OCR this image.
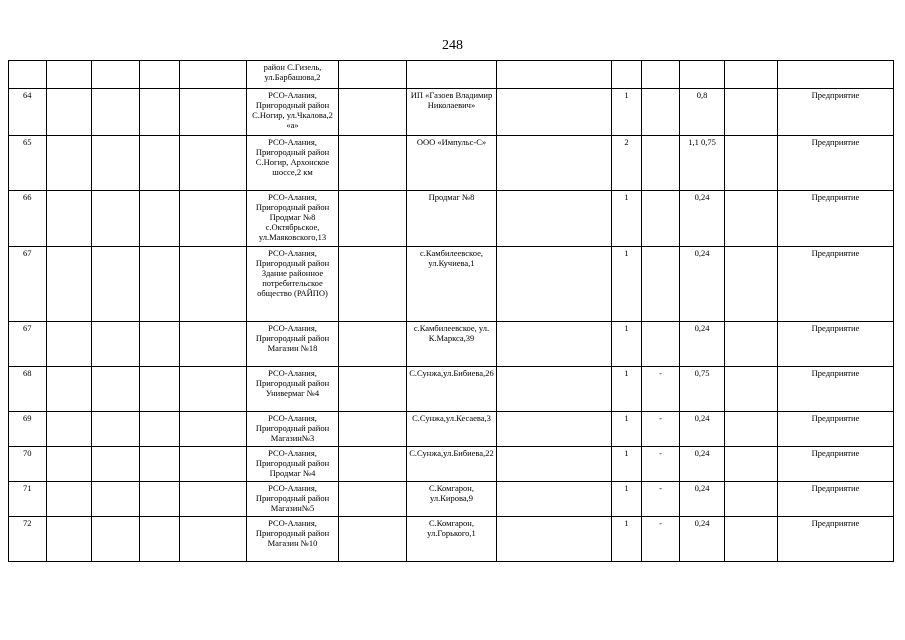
248
					район С.Гизель, ул.Барбашова,2								
64					РСО-Алания, Пригородный район С.Ногир, ул.Чкалова,2 «а»		ИП «Газоев Владимир Николаевич»		1		0,8		Предприятие
65					РСО-Алания, Пригородный район С.Ногир, Архонское шоссе,2 км		ООО «Импульс-С»		2		1,1 0,75		Предприятие
66					РСО-Алания, Пригородный район Продмаг №8 с.Октябрьское, ул.Маяковского,13		Продмаг №8		1		0,24		Предприятие
67					РСО-Алания, Пригородный район Здание районное потребительское общество (РАЙПО)		с.Камбилеевское, ул.Кучиева,1		1		0,24		Предприятие
67					РСО-Алания, Пригородный район Магазин №18		с.Камбилеевское, ул. К.Маркса,39		1		0,24		Предприятие
68					РСО-Алания, Пригородный район Универмаг №4		С.Сунжа,ул.Бибиева,26		1	-	0,75		Предприятие
69					РСО-Алания, Пригородный район Магазин№3		С.Сунжа,ул.Кесаева,3		1	-	0,24		Предприятие
70					РСО-Алания, Пригородный район Продмаг №4		С.Сунжа,ул.Бибиева,22		1	-	0,24		Предприятие
71					РСО-Алания, Пригородный район Магазин№5		С.Комгарон, ул.Кирова,9		1	-	0,24		Предприятие
72					РСО-Алания, Пригородный район Магазин №10		С.Комгарон, ул.Горького,1		1	-	0,24		Предприятие
